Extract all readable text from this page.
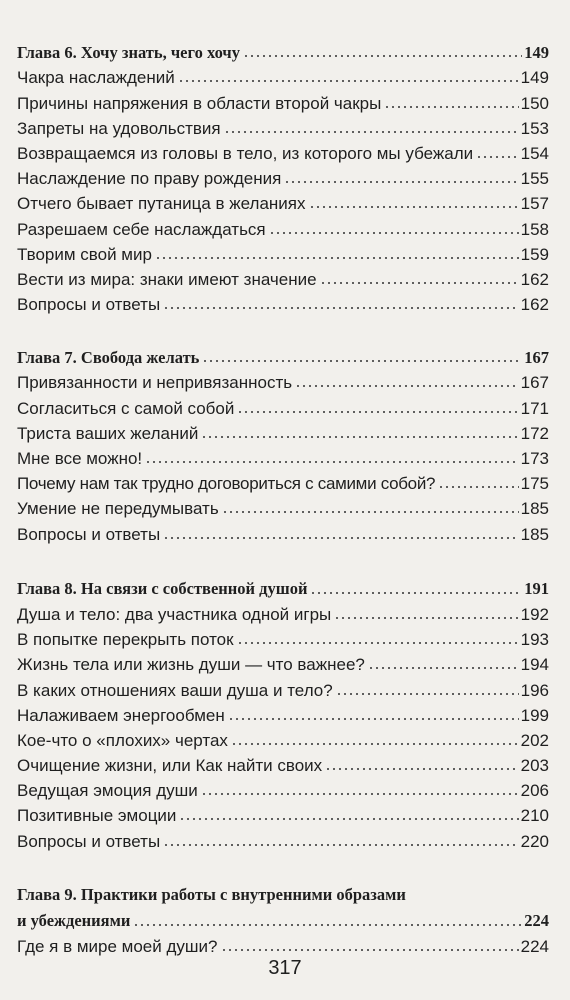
Глава 6. Хочу знать, чего хочу	149
Чакра наслаждений	149
Причины напряжения в области второй чакры	150
Запреты на удовольствия	153
Возвращаемся из головы в тело, из которого мы убежали	154
Наслаждение по праву рождения	155
Отчего бывает путаница в желаниях	157
Разрешаем себе наслаждаться	158
Творим свой мир	159
Вести из мира: знаки имеют значение	162
Вопросы и ответы	162
Глава 7. Свобода желать	167
Привязанности и непривязанность	167
Согласиться с самой собой	171
Триста ваших желаний	172
Мне все можно!	173
Почему нам так трудно договориться с самими собой?	175
Умение не передумывать	185
Вопросы и ответы	185
Глава 8. На связи с собственной душой	191
Душа и тело: два участника одной игры	192
В попытке перекрыть поток	193
Жизнь тела или жизнь души — что важнее?	194
В каких отношениях ваши душа и тело?	196
Налаживаем энергообмен	199
Кое-что о «плохих» чертах	202
Очищение жизни, или Как найти своих	203
Ведущая эмоция души	206
Позитивные эмоции	210
Вопросы и ответы	220
Глава 9. Практики работы с внутренними образами
и убеждениями	224
Где я в мире моей души?	224
317
